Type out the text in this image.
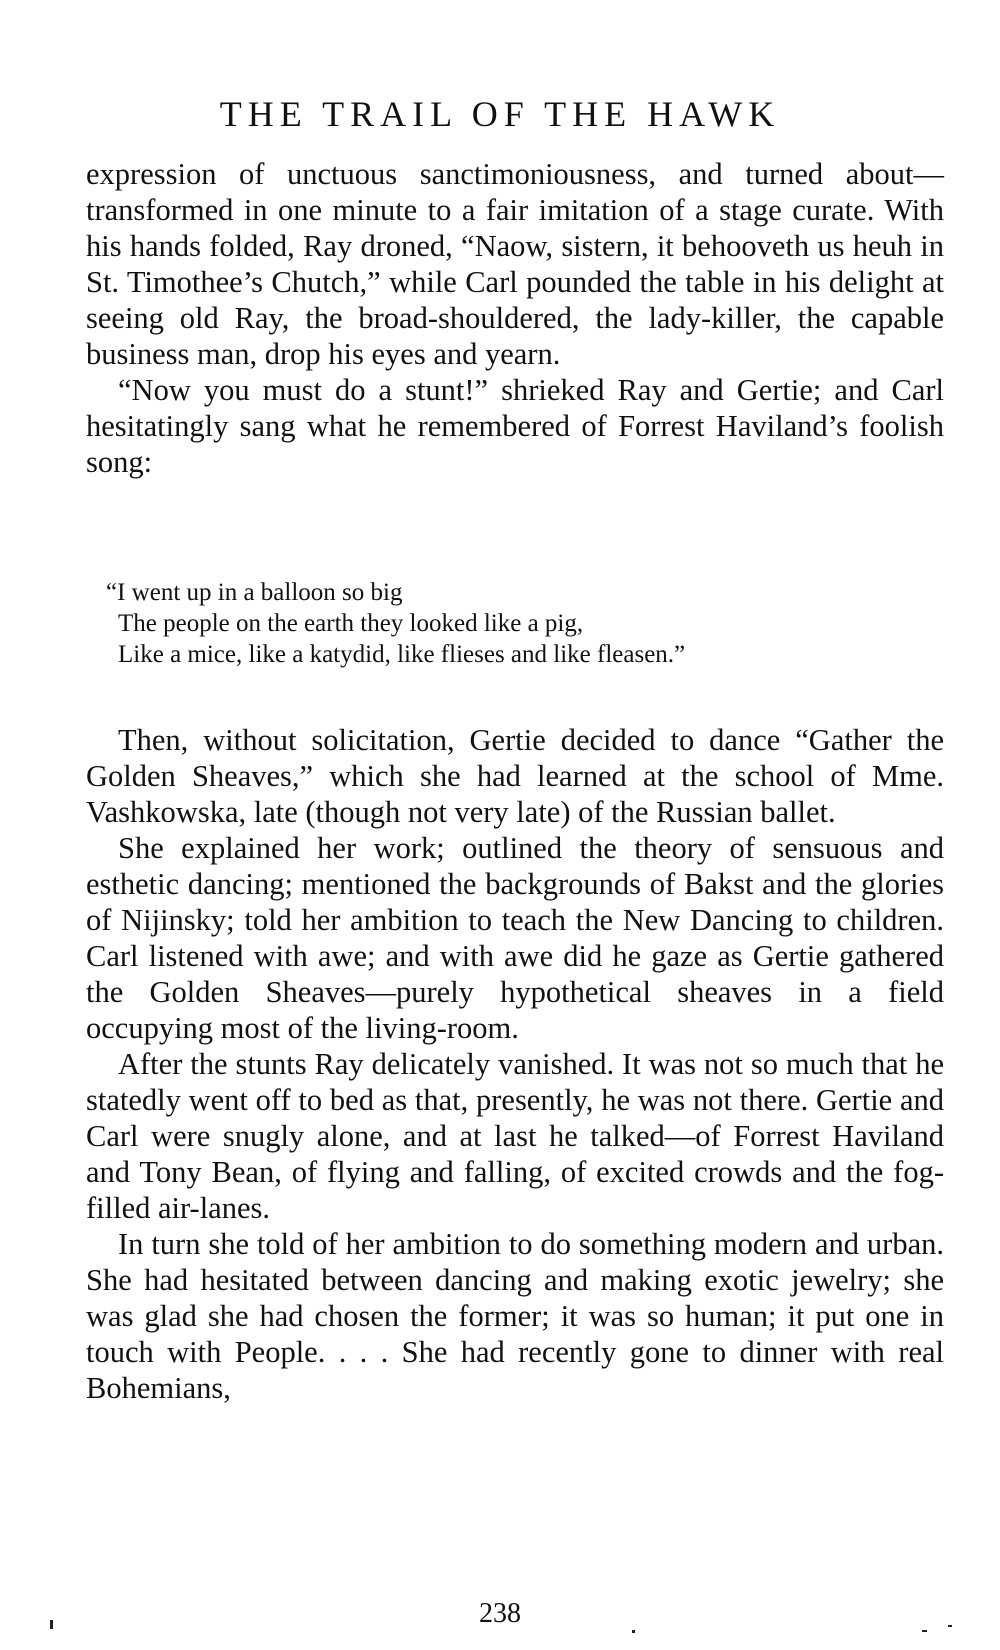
THE TRAIL OF THE HAWK

expression of unctuous sanctimoniousness, and turned about—transformed in one minute to a fair imitation of a stage curate. With his hands folded, Ray droned, “Naow, sistern, it behooveth us heuh in St. Timothee’s Chutch,” while Carl pounded the table in his delight at seeing old Ray, the broad-shouldered, the lady-killer, the capable business man, drop his eyes and yearn.

“Now you must do a stunt!” shrieked Ray and Gertie; and Carl hesitatingly sang what he remembered of Forrest Haviland’s foolish song:

“I went up in a balloon so big
The people on the earth they looked like a pig,
Like a mice, like a katydid, like flieses and like fleasen.”

Then, without solicitation, Gertie decided to dance “Gather the Golden Sheaves,” which she had learned at the school of Mme. Vashkowska, late (though not very late) of the Russian ballet.

She explained her work; outlined the theory of sensuous and esthetic dancing; mentioned the backgrounds of Bakst and the glories of Nijinsky; told her ambition to teach the New Dancing to children. Carl listened with awe; and with awe did he gaze as Gertie gathered the Golden Sheaves—purely hypothetical sheaves in a field occupying most of the living-room.

After the stunts Ray delicately vanished. It was not so much that he statedly went off to bed as that, presently, he was not there. Gertie and Carl were snugly alone, and at last he talked—of Forrest Haviland and Tony Bean, of flying and falling, of excited crowds and the fog-filled air-lanes.

In turn she told of her ambition to do something modern and urban. She had hesitated between dancing and making exotic jewelry; she was glad she had chosen the former; it was so human; it put one in touch with People. . . . She had recently gone to dinner with real Bohemians,

238
